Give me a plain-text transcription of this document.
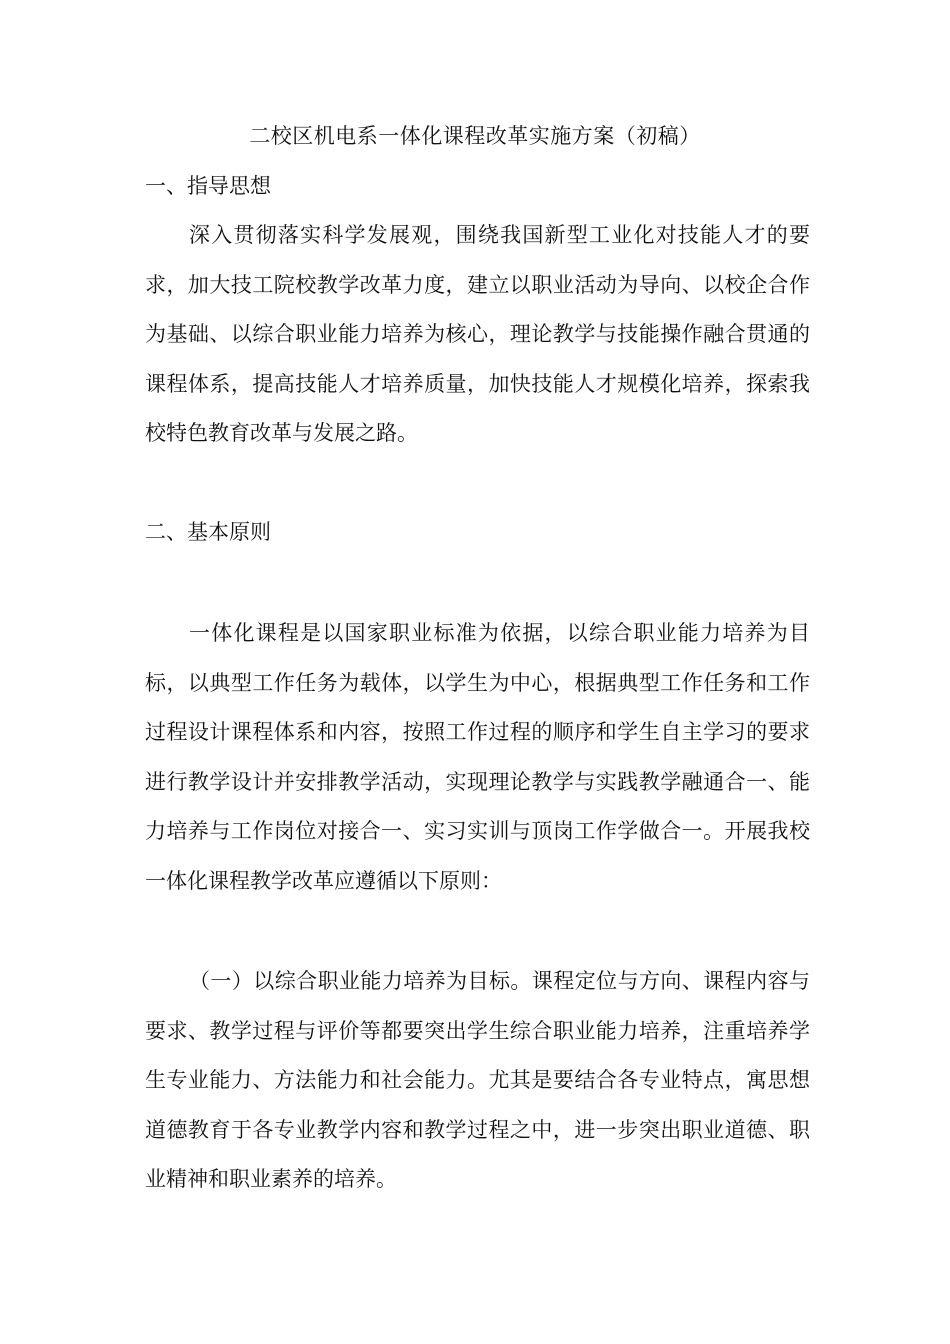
二校区机电系一体化课程改革实施方案（初稿）
一、指导思想

深入贯彻落实科学发展观，围绕我国新型工业化对技能人才的要求，加大技工院校教学改革力度，建立以职业活动为导向、以校企合作为基础、以综合职业能力培养为核心，理论教学与技能操作融合贯通的课程体系，提高技能人才培养质量，加快技能人才规模化培养，探索我校特色教育改革与发展之路。

二、基本原则

一体化课程是以国家职业标准为依据，以综合职业能力培养为目标，以典型工作任务为载体，以学生为中心，根据典型工作任务和工作过程设计课程体系和内容，按照工作过程的顺序和学生自主学习的要求进行教学设计并安排教学活动，实现理论教学与实践教学融通合一、能力培养与工作岗位对接合一、实习实训与顶岗工作学做合一。开展我校一体化课程教学改革应遵循以下原则：

（一）以综合职业能力培养为目标。课程定位与方向、课程内容与要求、教学过程与评价等都要突出学生综合职业能力培养，注重培养学生专业能力、方法能力和社会能力。尤其是要结合各专业特点，寓思想道德教育于各专业教学内容和教学过程之中，进一步突出职业道德、职业精神和职业素养的培养。
